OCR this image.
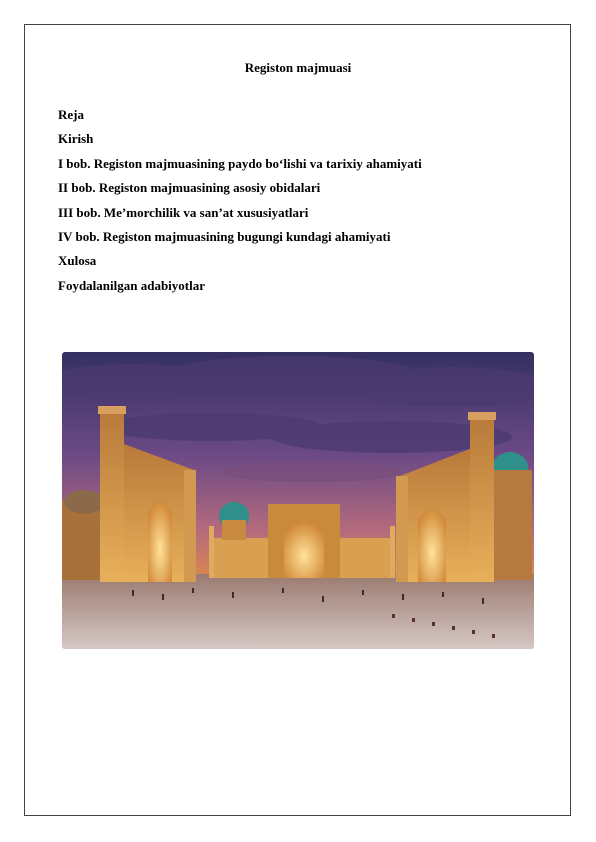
Registon majmuasi
Reja
Kirish
I bob. Registon majmuasining paydo bo‘lishi va tarixiy ahamiyati
II bob. Registon majmuasining asosiy obidalari
III bob. Me’morchilik va san’at xususiyatlari
IV bob. Registon majmuasining bugungi kundagi ahamiyati
Xulosa
Foydalanilgan adabiyotlar
